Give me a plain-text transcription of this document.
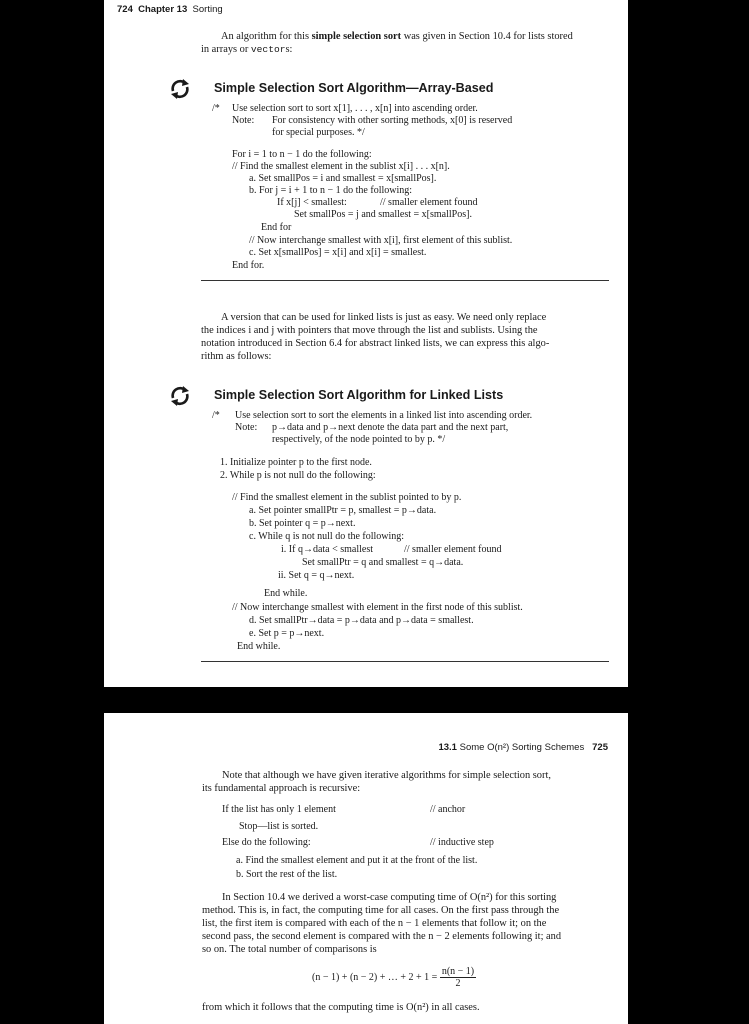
724 Chapter 13 Sorting
An algorithm for this simple selection sort was given in Section 10.4 for lists stored
in arrays or vectors:
Simple Selection Sort Algorithm—Array-Based
/* Use selection sort to sort x[1], . . . , x[n] into ascending order.
Note: For consistency with other sorting methods, x[0] is reserved
for special purposes. */
For i = 1 to n − 1 do the following:
// Find the smallest element in the sublist x[i] . . . x[n].
a. Set smallPos = i and smallest = x[smallPos].
b. For j = i + 1 to n − 1 do the following:
If x[j] < smallest:	// smaller element found
Set smallPos = j and smallest = x[smallPos].
End for
// Now interchange smallest with x[i], first element of this sublist.
c. Set x[smallPos] = x[i] and x[i] = smallest.
End for.
A version that can be used for linked lists is just as easy. We need only replace
the indices i and j with pointers that move through the list and sublists. Using the
notation introduced in Section 6.4 for abstract linked lists, we can express this algo-
rithm as follows:
Simple Selection Sort Algorithm for Linked Lists
/* Use selection sort to sort the elements in a linked list into ascending order.
Note: p→data and p→next denote the data part and the next part,
respectively, of the node pointed to by p. */
1. Initialize pointer p to the first node.
2. While p is not null do the following:
// Find the smallest element in the sublist pointed to by p.
a. Set pointer smallPtr = p, smallest = p→data.
b. Set pointer q = p→next.
c. While q is not null do the following:
i. If q→data < smallest	// smaller element found
Set smallPtr = q and smallest = q→data.
ii. Set q = q→next.
End while.
// Now interchange smallest with element in the first node of this sublist.
d. Set smallPtr→data = p→data and p→data = smallest.
e. Set p = p→next.
End while.
13.1 Some O(n²) Sorting Schemes 725
Note that although we have given iterative algorithms for simple selection sort,
its fundamental approach is recursive:
If the list has only 1 element	// anchor
Stop—list is sorted.
Else do the following:	// inductive step
a. Find the smallest element and put it at the front of the list.
b. Sort the rest of the list.
In Section 10.4 we derived a worst-case computing time of O(n²) for this sorting
method. This is, in fact, the computing time for all cases. On the first pass through the
list, the first item is compared with each of the n − 1 elements that follow it; on the
second pass, the second element is compared with the n − 2 elements following it; and
so on. The total number of comparisons is
(n − 1) + (n − 2) + … + $2 + 1 = \frac{n(n - 1)}{2}$
from which it follows that the computing time is O(n²) in all cases.
